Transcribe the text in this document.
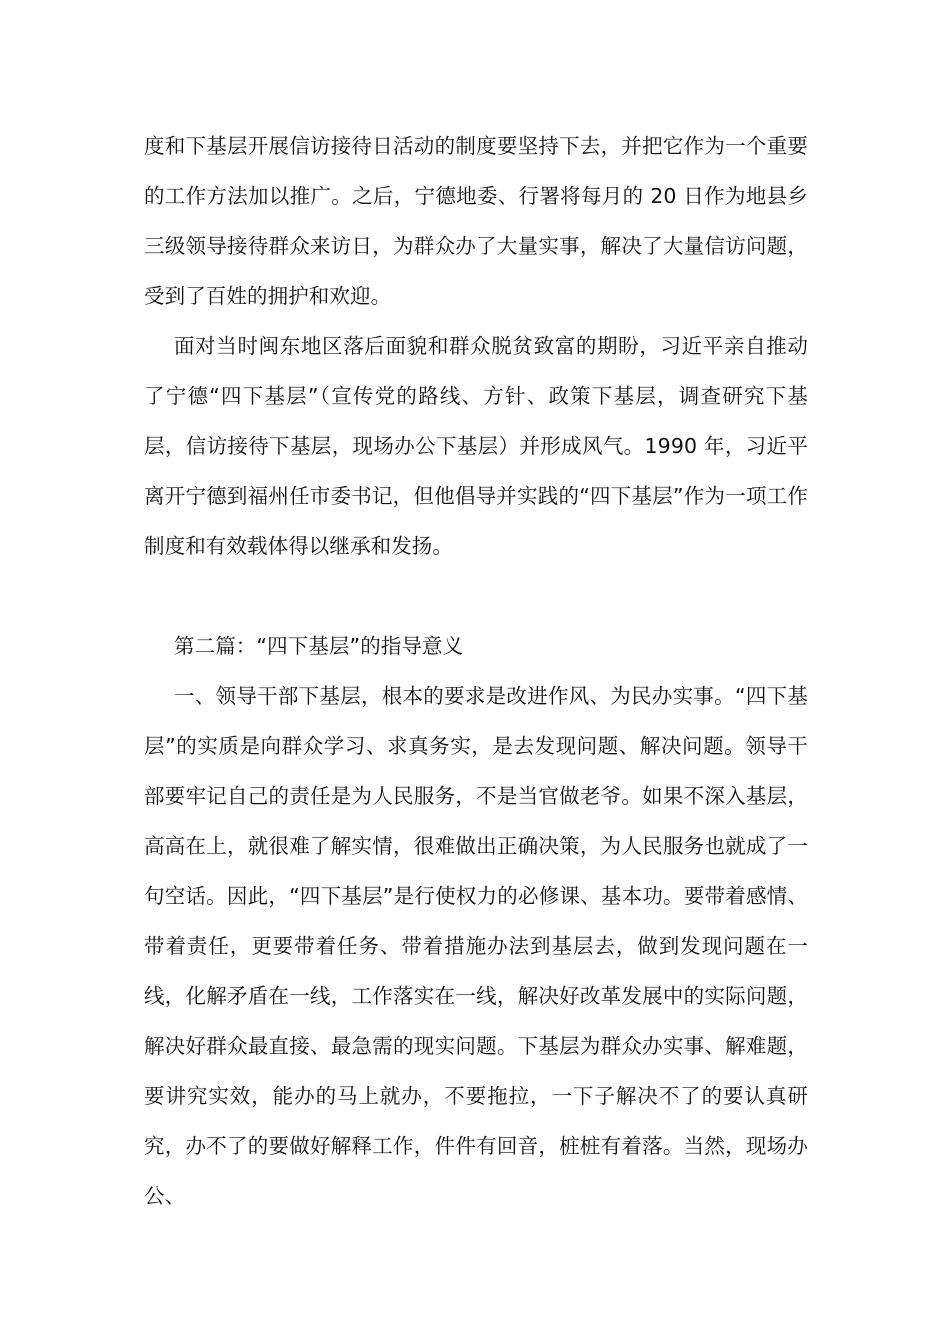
度和下基层开展信访接待日活动的制度要坚持下去，并把它作为一个重要的工作方法加以推广。之后，宁德地委、行署将每月的 20 日作为地县乡三级领导接待群众来访日，为群众办了大量实事，解决了大量信访问题，受到了百姓的拥护和欢迎。

面对当时闽东地区落后面貌和群众脱贫致富的期盼，习近平亲自推动了宁德“四下基层”（宣传党的路线、方针、政策下基层，调查研究下基层，信访接待下基层，现场办公下基层）并形成风气。1990 年，习近平离开宁德到福州任市委书记，但他倡导并实践的“四下基层”作为一项工作制度和有效载体得以继承和发扬。

第二篇：“四下基层”的指导意义

一、领导干部下基层，根本的要求是改进作风、为民办实事。“四下基层”的实质是向群众学习、求真务实，是去发现问题、解决问题。领导干部要牢记自己的责任是为人民服务，不是当官做老爷。如果不深入基层，高高在上，就很难了解实情，很难做出正确决策，为人民服务也就成了一句空话。因此，“四下基层”是行使权力的必修课、基本功。要带着感情、带着责任，更要带着任务、带着措施办法到基层去，做到发现问题在一线，化解矛盾在一线，工作落实在一线，解决好改革发展中的实际问题，解决好群众最直接、最急需的现实问题。下基层为群众办实事、解难题，要讲究实效，能办的马上就办，不要拖拉，一下子解决不了的要认真研究，办不了的要做好解释工作，件件有回音，桩桩有着落。当然，现场办公、
